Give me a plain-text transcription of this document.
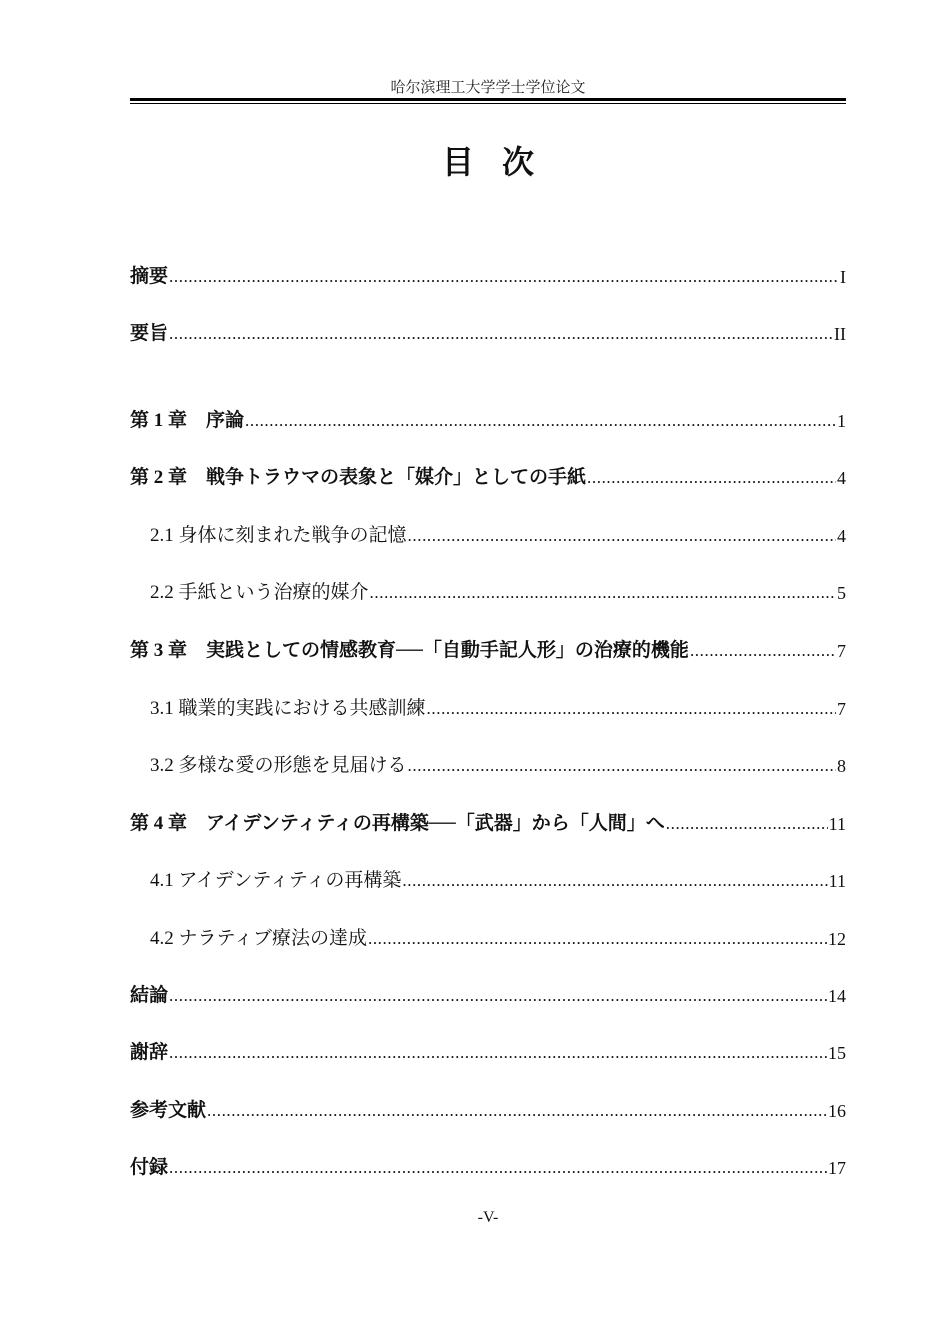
哈尔滨理工大学学士学位论文
目次
摘要 .....	I
要旨 .....	II
第 1 章　序論 .....	1
第 2 章　戦争トラウマの表象と「媒介」としての手紙 .....	4
2.1 身体に刻まれた戦争の記憶 .....	4
2.2 手紙という治療的媒介 .....	5
第 3 章　実践としての情感教育──「自動手記人形」の治療的機能 .....	7
3.1 職業的実践における共感訓練 .....	7
3.2 多様な愛の形態を見届ける .....	8
第 4 章　アイデンティティの再構築──「武器」から「人間」へ .....	11
4.1 アイデンティティの再構築 .....	11
4.2 ナラティブ療法の達成 .....	12
結論 .....	14
謝辞 .....	15
参考文献 .....	16
付録 .....	17
-V-
